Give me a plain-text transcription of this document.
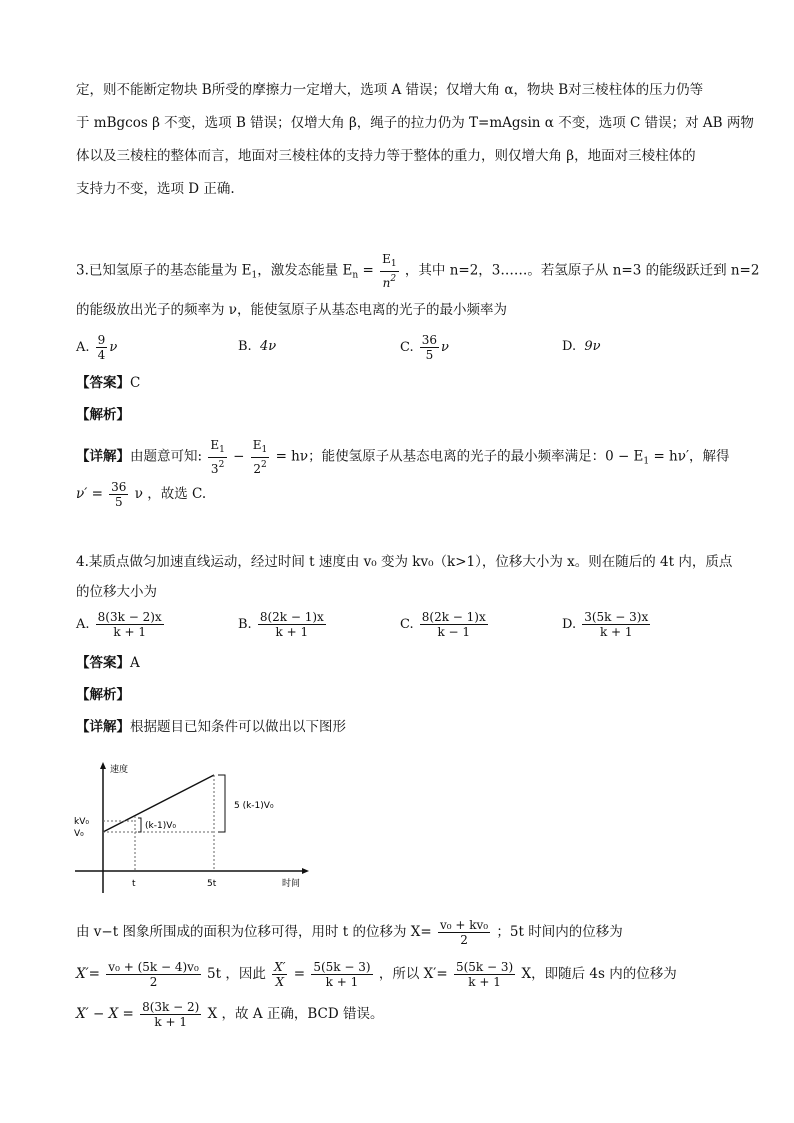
定，则不能断定物块 B所受的摩擦力一定增大，选项 A 错误；仅增大角 α，物块 B对三棱柱体的压力仍等
于 mBgcos β 不变，选项 B 错误；仅增大角 β，绳子的拉力仍为 T=mAgsin α 不变，选项 C 错误；对 AB 两物
体以及三棱柱的整体而言，地面对三棱柱体的支持力等于整体的重力，则仅增大角 β，地面对三棱柱体的
支持力不变，选项 D 正确.
3.已知氢原子的基态能量为 $E_1$，激发态能量 $E_n = \frac{E_1}{n^2}$ ，其中 n=2，3……。若氢原子从 n=3 的能级跃迁到 n=2
的能级放出光子的频率为 ν，能使氢原子从基态电离的光子的最小频率为
A. $\frac{9}{4}$ ν	B. 4ν	C. $\frac{36}{5}$ ν	D. 9ν
【答案】C
【解析】
【详解】由题意可知: $\frac{E_1}{3^2} - \frac{E_1}{2^2} = h\nu$；能使氢原子从基态电离的光子的最小频率满足：$0 - E_1 = h\nu'$，解得
$\nu' = \frac{36}{5}$ ν ，故选 C.
4.某质点做匀加速直线运动，经过时间 t 速度由 v₀ 变为 kv₀（k>1），位移大小为 x。则在随后的 4t 内，质点
的位移大小为
A. $\frac{8(3k - 2)x}{k + 1}$	B. $\frac{8(2k - 1)x}{k + 1}$	C. $\frac{8(2k - 1)x}{k - 1}$	D. $\frac{3(5k - 3)x}{k + 1}$
【答案】A
【解析】
【详解】根据题目已知条件可以做出以下图形
速度
时间
kV₀
V₀
t	5t
(k-1)V₀
5 (k-1)V₀
由 v−t 图象所围成的面积为位移可得，用时 t 的位移为 $X= \frac{\text{v₀ + kv₀}}{2}$ ；5t 时间内的位移为
$X'= \frac{\text{v₀ + (5k − 4)v₀}}{2} 5t$ ，因此 $\frac{X'}{X} = \frac{5(5k - 3)}{k + 1}$ ，所以 $X'= \frac{5(5k - 3)}{k + 1}$ X，即随后 4s 内的位移为
$X' - X = \frac{8(3k - 2)}{k + 1}$ X ，故 A 正确，BCD 错误。
